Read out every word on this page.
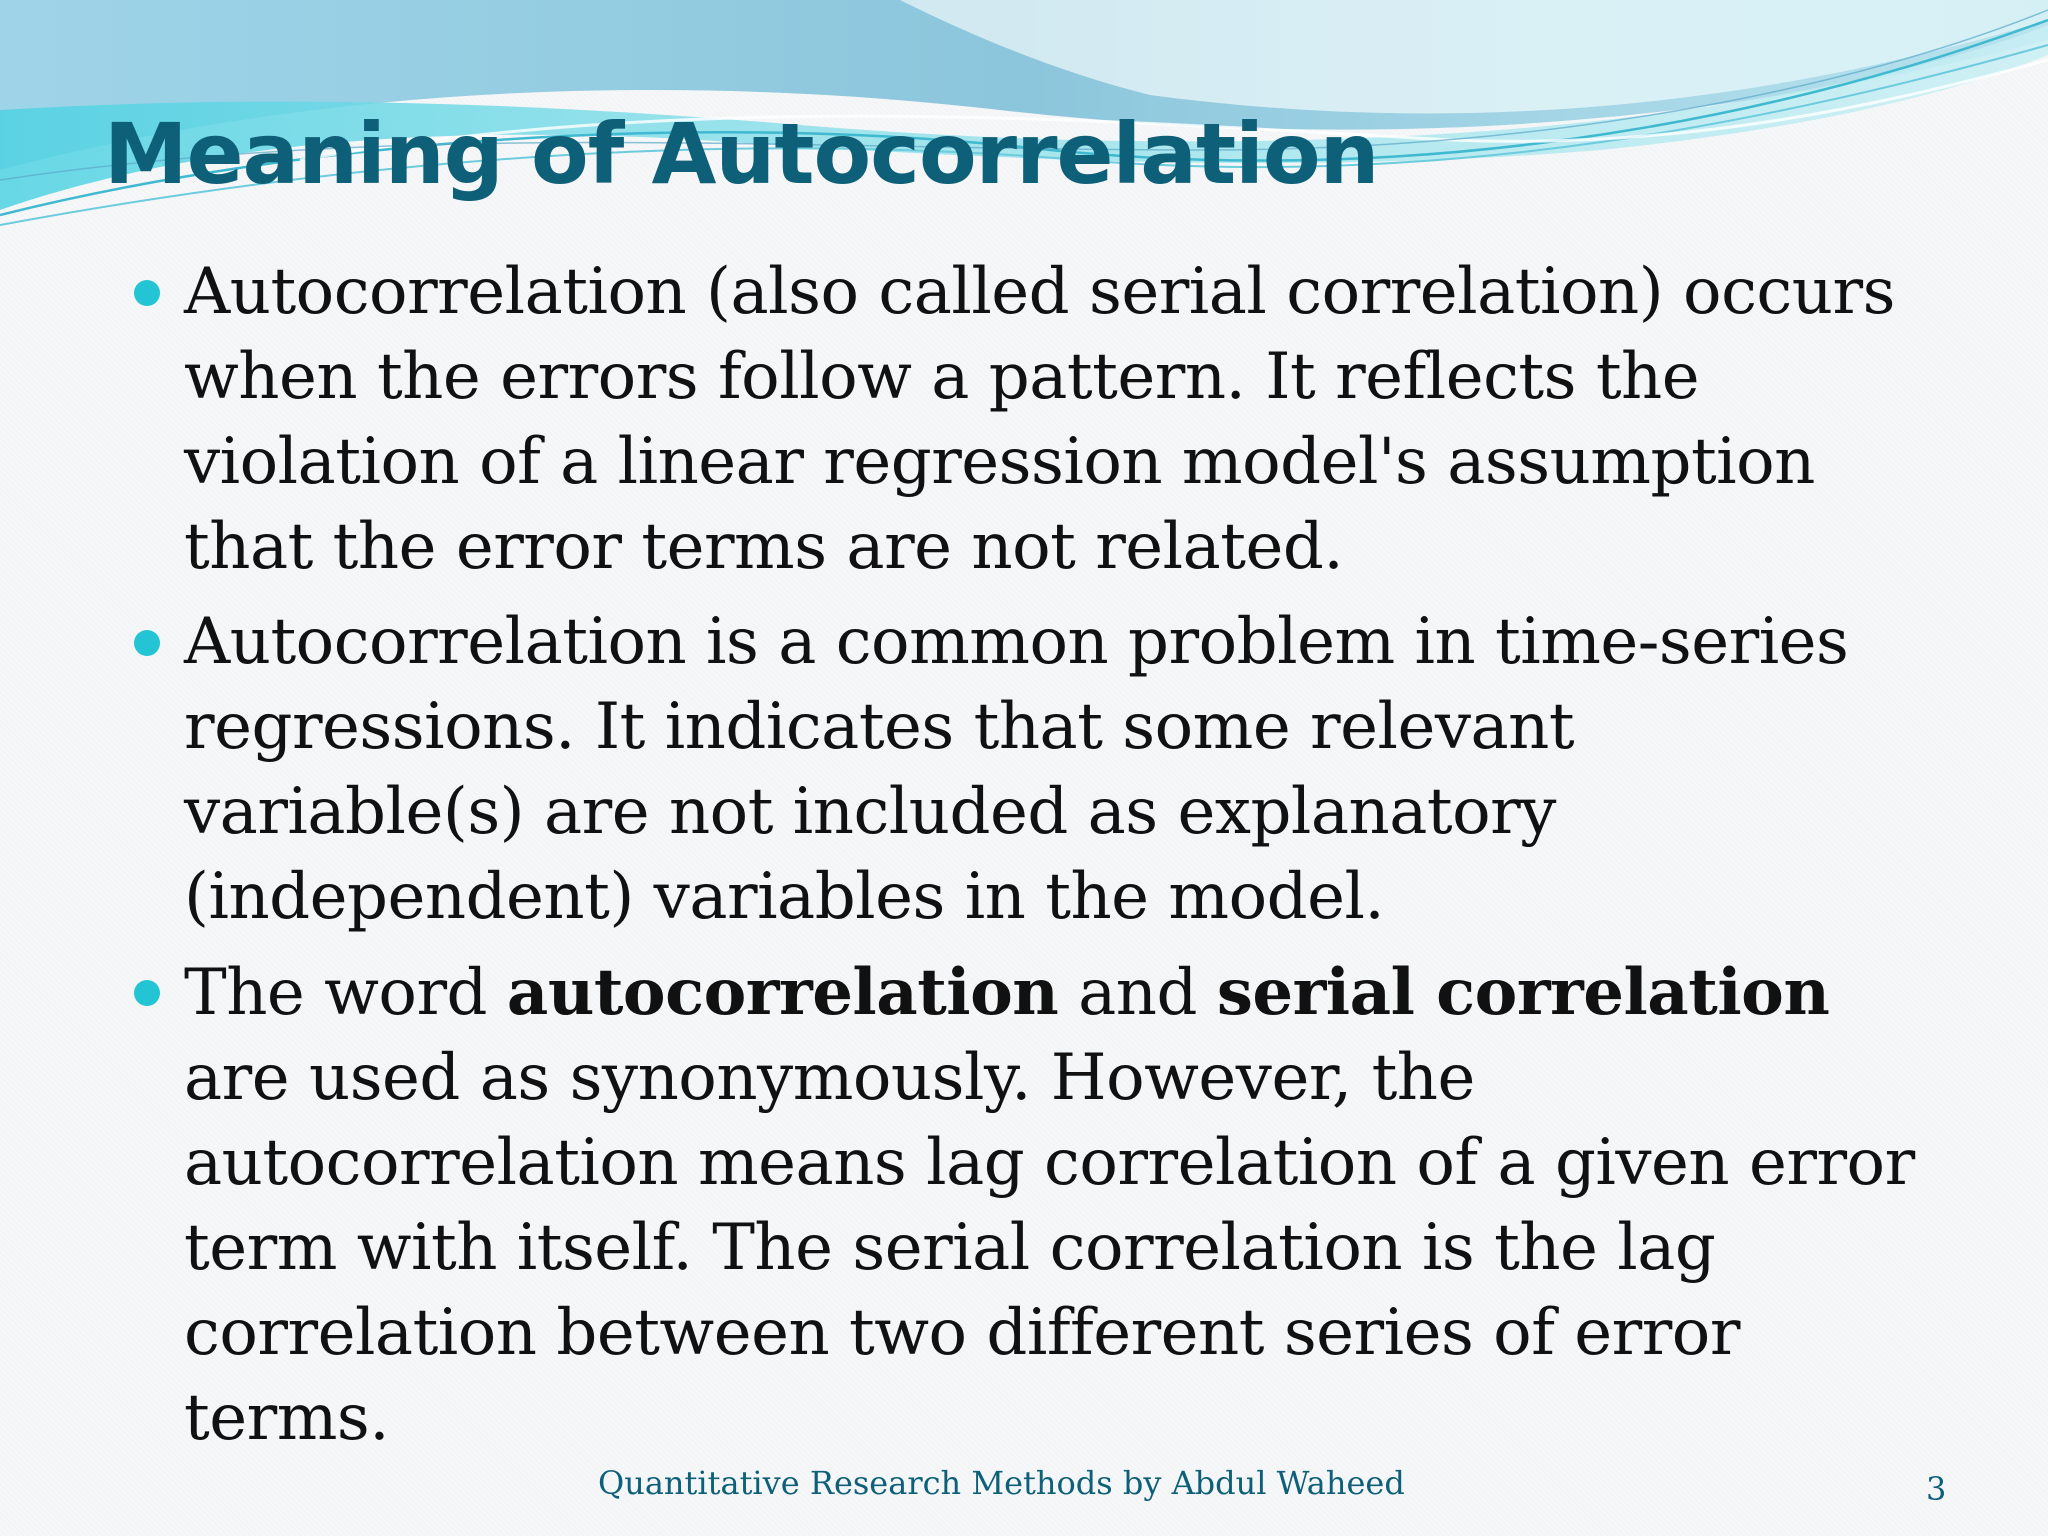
Meaning of Autocorrelation
Autocorrelation (also called serial correlation) occurs when the errors follow a pattern. It reflects the violation of a linear regression model's assumption that the error terms are not related.
Autocorrelation is a common problem in time-series regressions. It indicates that some relevant variable(s) are not included as explanatory (independent) variables in the model.
The word autocorrelation and serial correlation are used as synonymously. However, the autocorrelation means lag correlation of a given error term with itself. The serial correlation is the lag correlation between two different series of error terms.
Quantitative Research Methods by Abdul Waheed	3
